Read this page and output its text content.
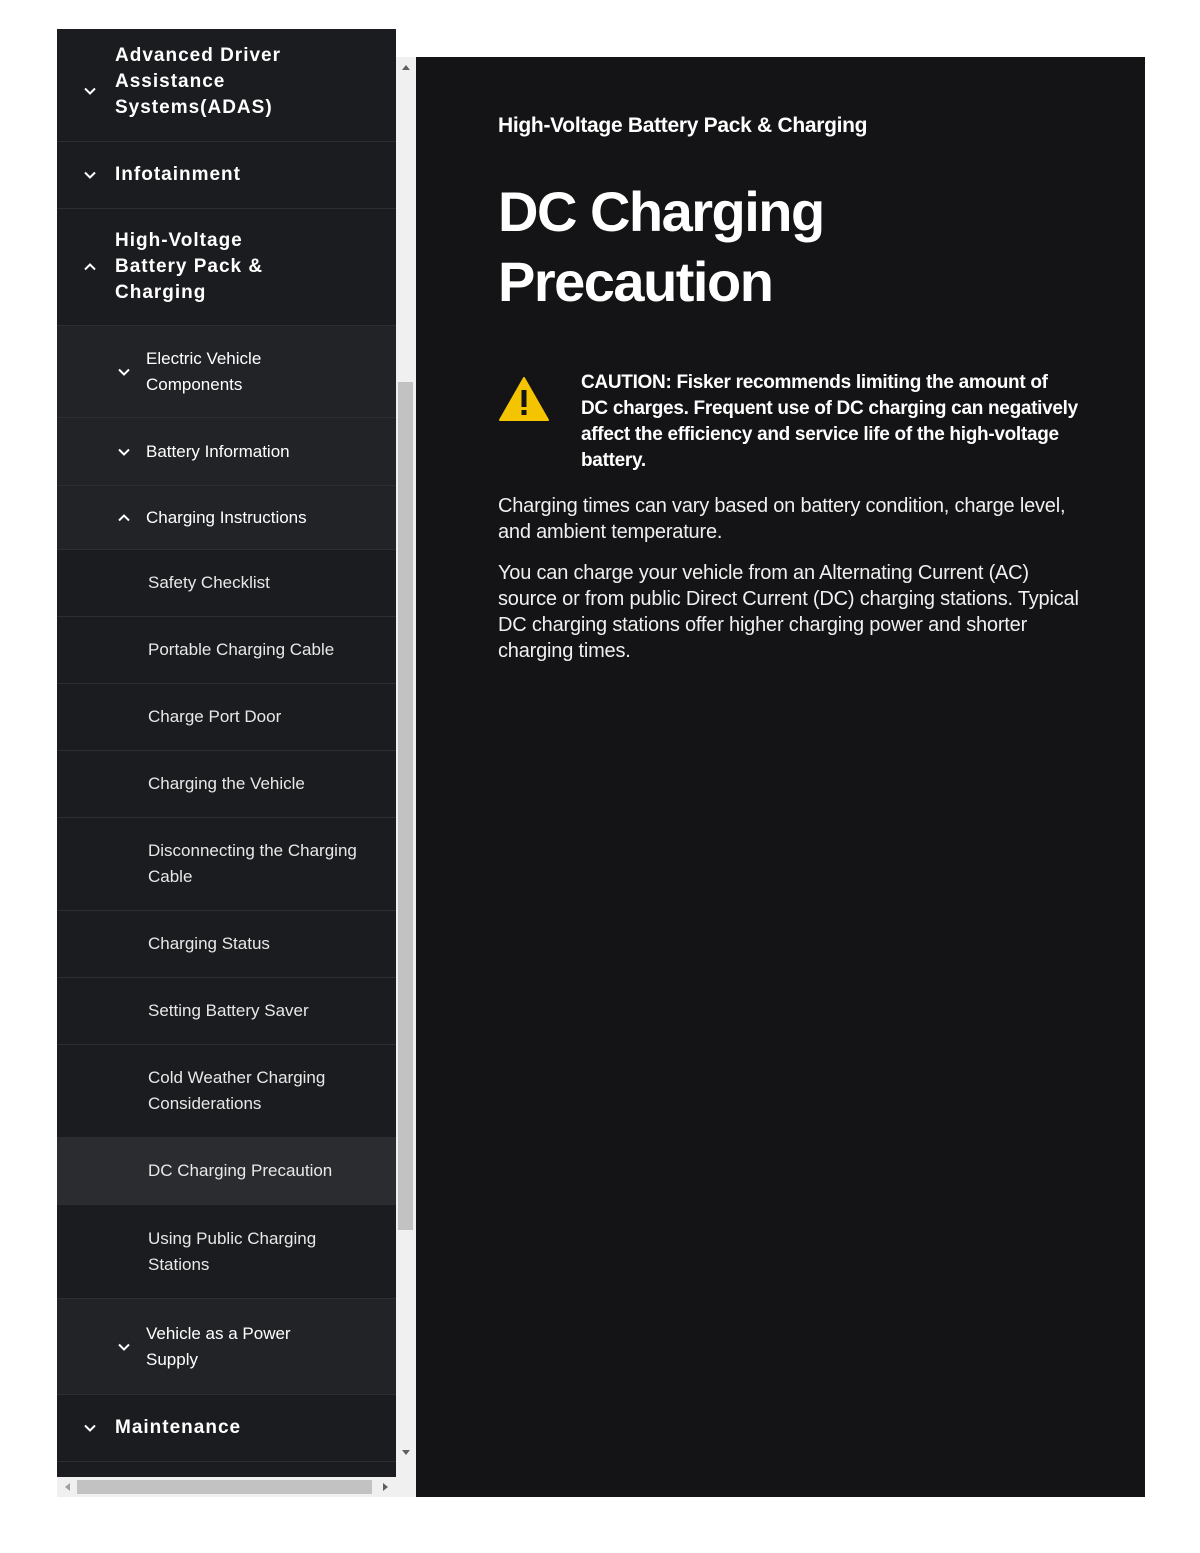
Advanced Driver Assistance Systems(ADAS)
Infotainment
High-Voltage Battery Pack & Charging
Electric Vehicle Components
Battery Information
Charging Instructions
Safety Checklist
Portable Charging Cable
Charge Port Door
Charging the Vehicle
Disconnecting the Charging Cable
Charging Status
Setting Battery Saver
Cold Weather Charging Considerations
DC Charging Precaution
Using Public Charging Stations
Vehicle as a Power Supply
Maintenance
High-Voltage Battery Pack & Charging
DC Charging Precaution
CAUTION: Fisker recommends limiting the amount of DC charges. Frequent use of DC charging can negatively affect the efficiency and service life of the high-voltage battery.

Charging times can vary based on battery condition, charge level, and ambient temperature.

You can charge your vehicle from an Alternating Current (AC) source or from public Direct Current (DC) charging stations. Typical DC charging stations offer higher charging power and shorter charging times.
